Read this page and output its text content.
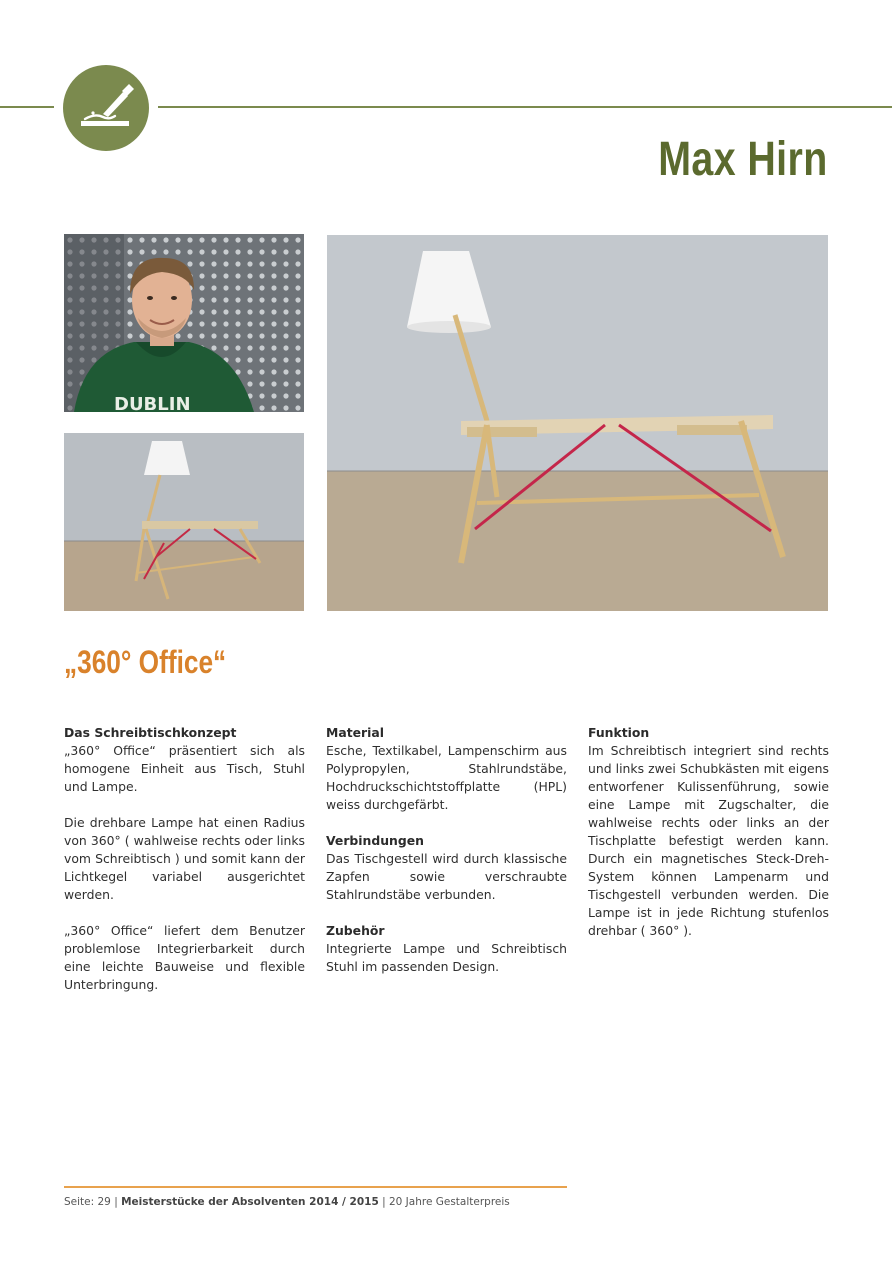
Max Hirn
DUBLIN
„360° Office“
Das Schreibtischkonzept

„360° Office“ präsentiert sich als homogene Einheit aus Tisch, Stuhl und Lampe.

Die drehbare Lampe hat einen Radius von 360° ( wahlweise rechts oder links vom Schreibtisch ) und somit kann der Lichtkegel variabel ausgerichtet werden.

„360° Office“ liefert dem Benutzer problemlose Integrierbarkeit durch eine leichte Bauweise und flexible Unterbringung.

Material

Esche, Textilkabel, Lampenschirm aus Polypropylen, Stahlrundstäbe, Hochdruckschichtstoffplatte (HPL) weiss durchgefärbt.

Verbindungen

Das Tischgestell wird durch klassische Zapfen sowie verschraubte Stahlrundstäbe verbunden.

Zubehör

Integrierte Lampe und Schreibtisch Stuhl im passenden Design.

Funktion

Im Schreibtisch integriert sind rechts und links zwei Schubkästen mit eigens entworfener Kulissenführung, sowie eine Lampe mit Zugschalter, die wahlweise rechts oder links an der Tischplatte befestigt werden kann. Durch ein magnetisches Steck-Dreh-System können Lampenarm und Tischgestell verbunden werden. Die Lampe ist in jede Richtung stufenlos drehbar ( 360° ).

Seite: 29 | Meisterstücke der Absolventen 2014 / 2015 | 20 Jahre Gestalterpreis
